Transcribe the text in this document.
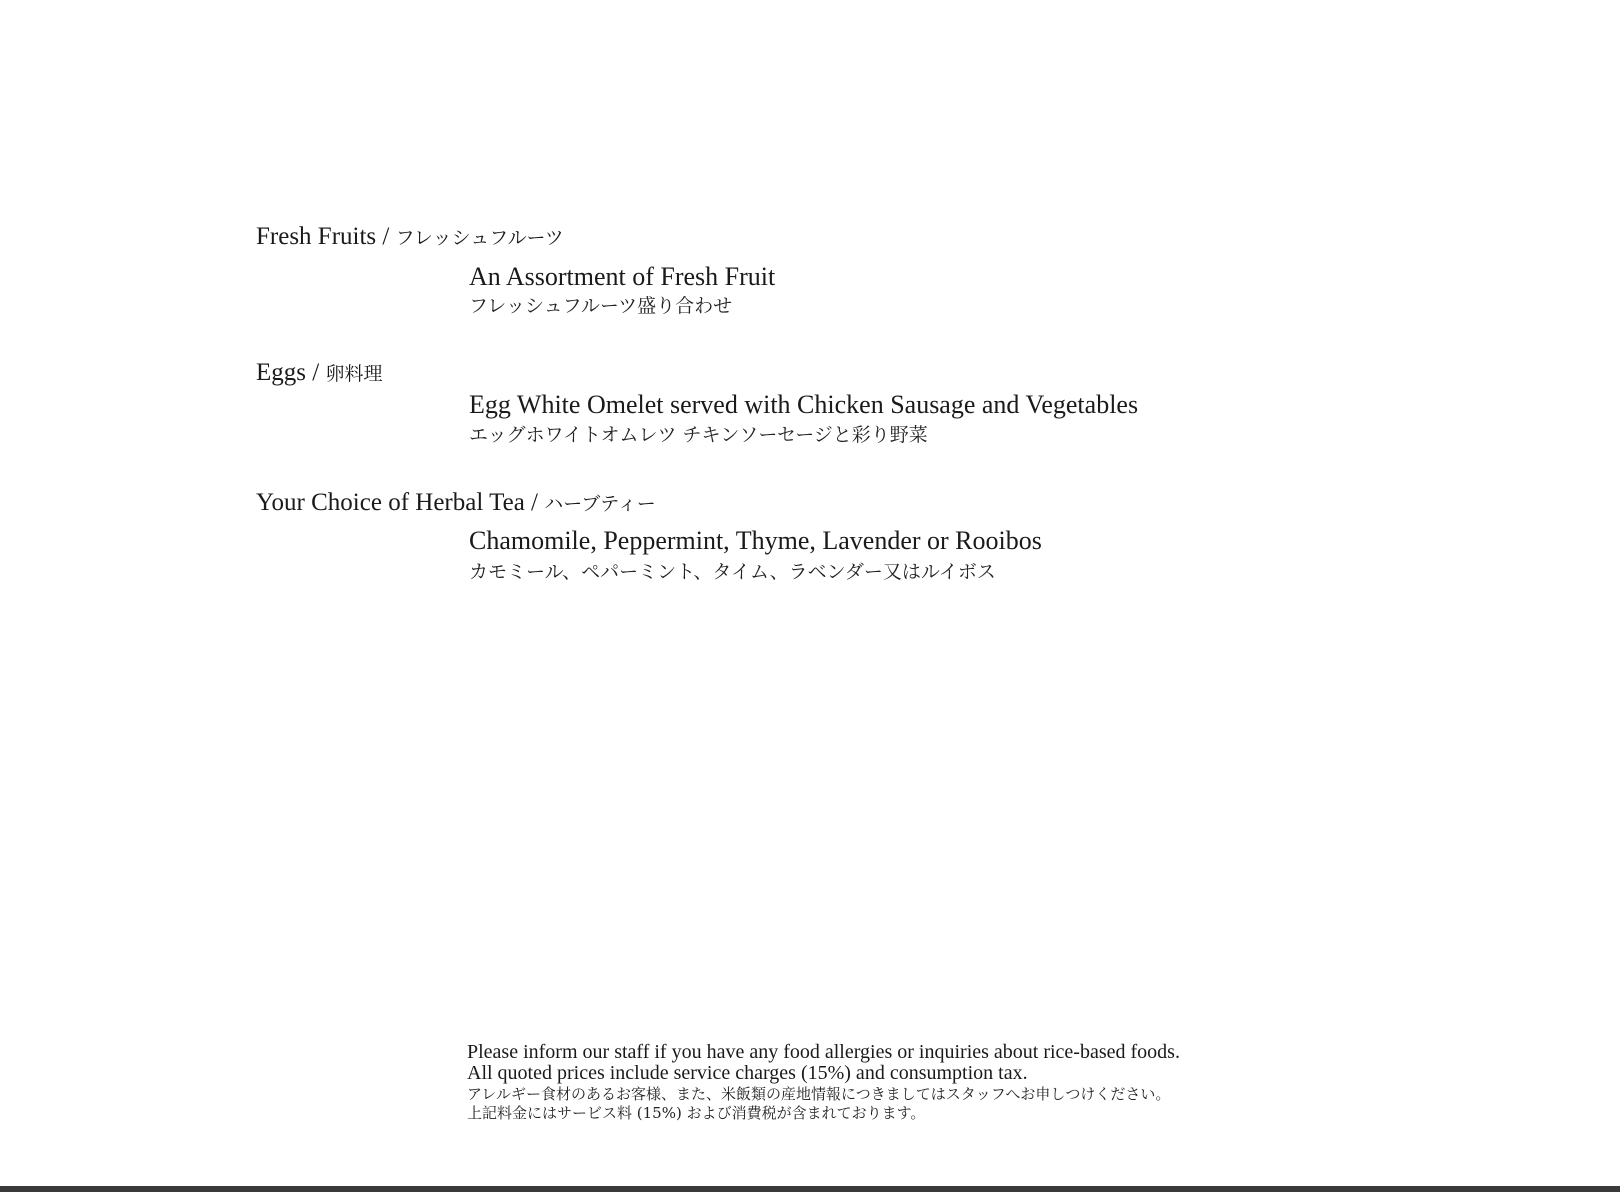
Fresh Fruits / フレッシュフルーツ
An Assortment of Fresh Fruit
フレッシュフルーツ盛り合わせ
Eggs / 卵料理
Egg White Omelet served with Chicken Sausage and Vegetables
エッグホワイトオムレツ チキンソーセージと彩り野菜
Your Choice of Herbal Tea / ハーブティー
Chamomile, Peppermint, Thyme, Lavender or Rooibos
カモミール、ペパーミント、タイム、ラベンダー又はルイボス
Please inform our staff if you have any food allergies or inquiries about rice-based foods.
All quoted prices include service charges (15%) and consumption tax.
アレルギー食材のあるお客様、また、米飯類の産地情報につきましてはスタッフへお申しつけください。
上記料金にはサービス料 (15%) および消費税が含まれております。
